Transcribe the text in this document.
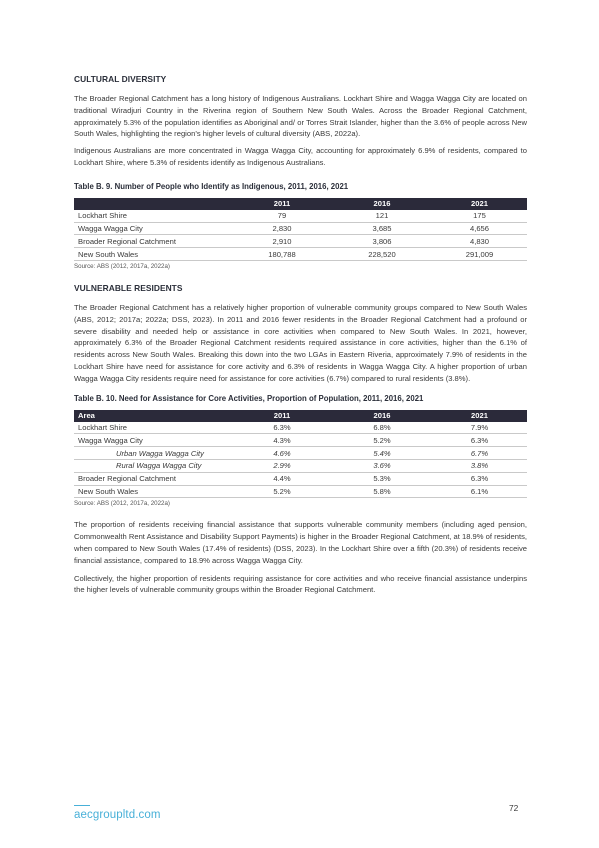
CULTURAL DIVERSITY

The Broader Regional Catchment has a long history of Indigenous Australians. Lockhart Shire and Wagga Wagga City are located on traditional Wiradjuri Country in the Riverina region of Southern New South Wales. Across the Broader Regional Catchment, approximately 5.3% of the population identifies as Aboriginal and/ or Torres Strait Islander, higher than the 3.6% of people across New South Wales, highlighting the region’s higher levels of cultural diversity (ABS, 2022a).

Indigenous Australians are more concentrated in Wagga Wagga City, accounting for approximately 6.9% of residents, compared to Lockhart Shire, where 5.3% of residents identify as Indigenous Australians.

Table B. 9. Number of People who Identify as Indigenous, 2011, 2016, 2021
	2011	2016	2021
Lockhart Shire	79	121	175
Wagga Wagga City	2,830	3,685	4,656
Broader Regional Catchment	2,910	3,806	4,830
New South Wales	180,788	228,520	291,009
Source: ABS (2012, 2017a, 2022a)
VULNERABLE RESIDENTS

The Broader Regional Catchment has a relatively higher proportion of vulnerable community groups compared to New South Wales (ABS, 2012; 2017a; 2022a; DSS, 2023). In 2011 and 2016 fewer residents in the Broader Regional Catchment had a profound or severe disability and needed help or assistance in core activities when compared to New South Wales. In 2021, however, approximately 6.3% of the Broader Regional Catchment residents required assistance in core activities, higher than the 6.1% of residents across New South Wales. Breaking this down into the two LGAs in Eastern Riveria, approximately 7.9% of residents in the Lockhart Shire have need for assistance for core activity and 6.3% of residents in Wagga Wagga City. A higher proportion of urban Wagga Wagga City residents require need for assistance for core activities (6.7%) compared to rural residents (3.8%).

Table B. 10. Need for Assistance for Core Activities, Proportion of Population, 2011, 2016, 2021
Area	2011	2016	2021
Lockhart Shire	6.3%	6.8%	7.9%
Wagga Wagga City	4.3%	5.2%	6.3%
Urban Wagga Wagga City	4.6%	5.4%	6.7%
Rural Wagga Wagga City	2.9%	3.6%	3.8%
Broader Regional Catchment	4.4%	5.3%	6.3%
New South Wales	5.2%	5.8%	6.1%
Source: ABS (2012, 2017a, 2022a)

The proportion of residents receiving financial assistance that supports vulnerable community members (including aged pension, Commonwealth Rent Assistance and Disability Support Payments) is higher in the Broader Regional Catchment, at 18.9% of residents, when compared to New South Wales (17.4% of residents) (DSS, 2023). In the Lockhart Shire over a fifth (20.3%) of residents receive financial assistance, compared to 18.9% across Wagga Wagga City.

Collectively, the higher proportion of residents requiring assistance for core activities and who receive financial assistance underpins the higher levels of vulnerable community groups within the Broader Regional Catchment.

aecgroupltd.com
72
